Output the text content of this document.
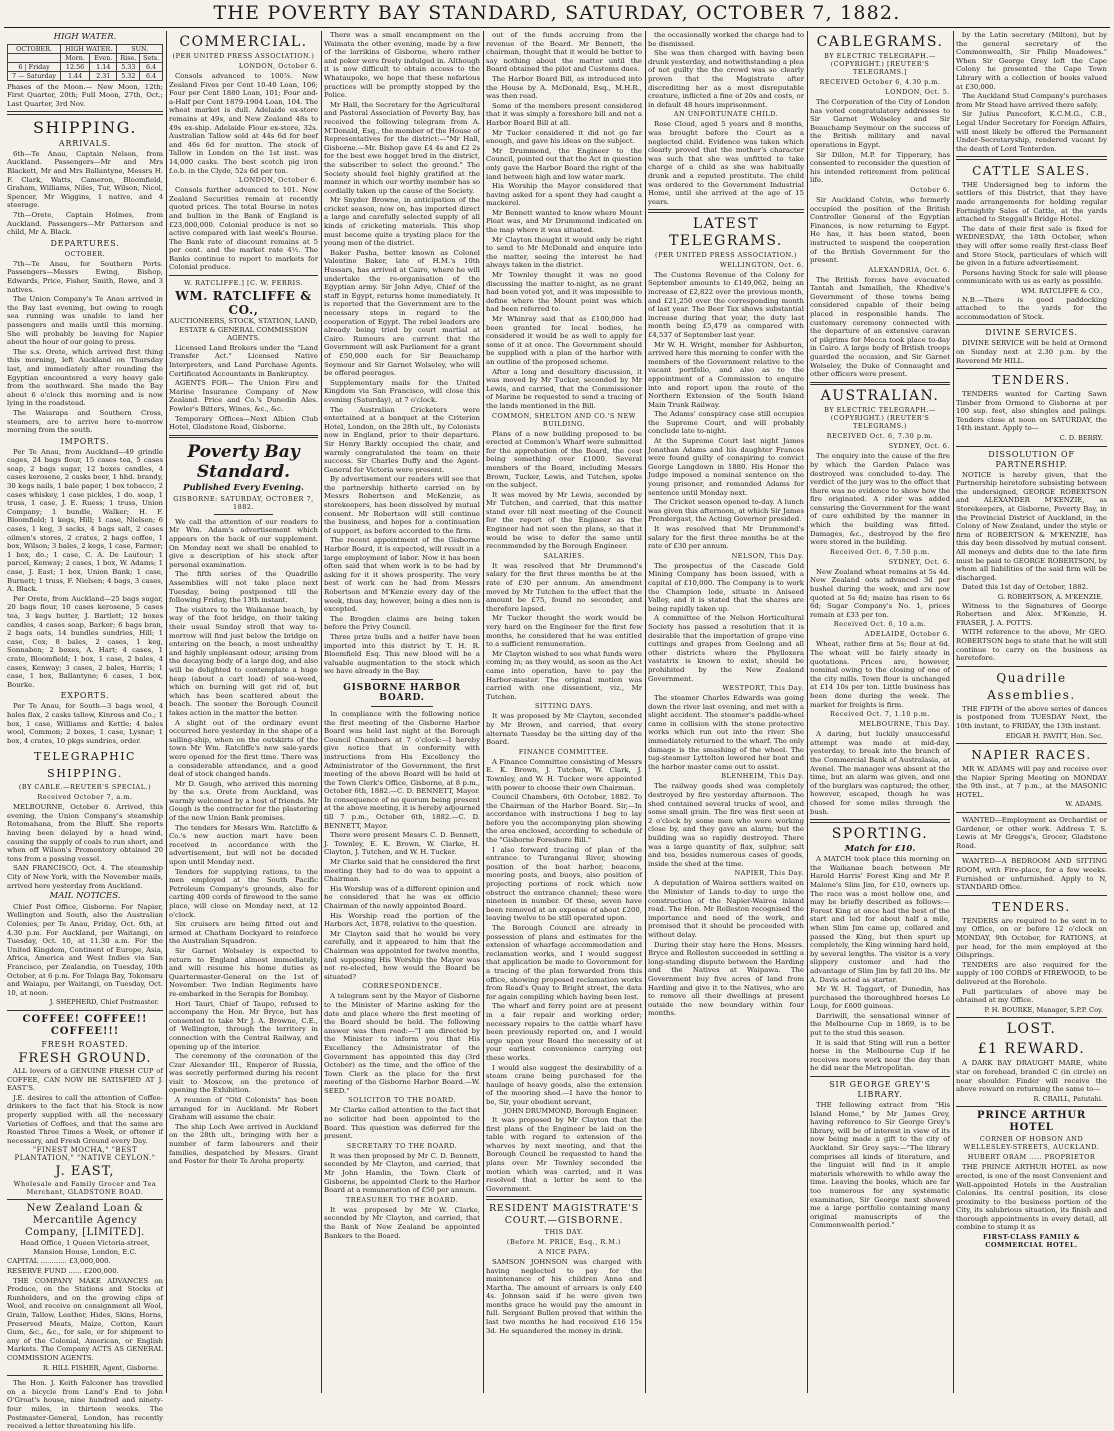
THE POVERTY BAY STANDARD, SATURDAY, OCTOBER 7, 1882.
HIGH WATER.
OCTOBER.	HIGH WATER.		SUN.	
	Morn.	Even.	Rise.	Sets.
6 | Friday	12.56	1.14	5.33	6.4
7 — Saturday	1.44	2.31	5.32	6.4

Phases of the Moon.— New Moon, 12th; First Quarter, 20th; Full Moon, 27th, Oct.; Last Quarter, 3rd Nov.

SHIPPING.
ARRIVALS.

6th—Te Anau, Captain Nelson, from Auckland. Passengers—Mr and Mrs Blackett, Mr and Mrs Ballantyne, Messrs H. F. Clark, Watts, Cameron, Bloomfield, Graham, Williams, Niles, Tur, Wilson, Nicol, Spencer, Mr Wiggins, 1 native, and 4 steerage.

7th—Orete, Captain Holmes, from Auckland. Passengers—Mr Patterson and child, Mr A. Black.

DEPARTURES.
OCTOBER.

7th—Te Anau, for Southern Ports. Passengers—Messrs Ewing, Bishop, Edwards, Price, Fisher, Smith, Rowe, and 3 natives.

The Union Company's Te Anau arrived in the Bay last evening, but owing to rough sea running was unable to land her passengers and mails until this morning. She will probably be leaving for Napier about the hour of our going to press.

The s.s. Orete, which arrived first thing this morning, left Auckland on Thursday last, and immediately after rounding the Egyptian encountered a very heavy gale from the southward. She made the Bay about 6 o'clock this morning and is now lying in the roadstead.

The Waiarapa and Southern Cross, steamers, are to arrive here to-morrow morning from the south.

IMPORTS.

Per Te Anau, from Auckland—49 grindle cages, 24 bags flour, 15 cases tea, 5 cases soap, 2 bags sugar, 12 boxes candles, 4 cases kerosene, 2 casks beer, 1 hhd. brandy, 30 kegs nails, 1 bale paper, 1 box tobacco, 2 cases whiskey, 1 case pickles, 1 do. soap, 1 truss, 1 case, J. E. Ruess; 1 truss, Union Company; 1 bundle, Walker; H. F. Bloomfield; 1 kegs, Hill; 1 case, Nielsen; 6 cases, 1 keg, 3 sacks, 4 bags salt, 2 cases oilmen's stores, 2 crates, 2 bags coffee, 1 box, Wilson; 3 bales, 2 kegs, 1 case, Farmer; 1 box, do.; 1 case, C. A. De Lautour; 1 parcel, Kenway; 2 cases, 1 box, W. Adams; 1 case, J. East; 1 box, Union Bank; 1 case, Burnett; 1 truss, F. Nielsen; 4 bags, 3 cases, A. Black.

Per Orete, from Auckland—25 bags sugar, 20 bags flour, 10 cases kerosene, 5 cases tea, 3 kegs butter, J. Bartlett; 12 boxes candles, 4 cases soap, Barker; 6 bags bran, 2 bags oats, 14 bundles sundries, Hill; 1 case, Cox; 8 bales, 2 cases, 1 keg, Sonnaben; 2 boxes, A. Hart; 4 cases, 1 crate, Bloomfield; 1 box, 1 case, 2 bales, 4 cases, Kenway; 3 cases, 2 bales, Harris; 1 case, 1 box, Ballantyne; 6 cases, 1 box, Bourke.

EXPORTS.

Per Te Anau, for South—3 bags wool, 4 bales flax, 2 casks tallow, Kinross and Co.; 1 box, 1 case, Williams and Kettle; 4 bales wool, Common; 2 boxes, 1 case, Lysnar; 1 box, 4 crates, 10 pkgs sundries, order.

TELEGRAPHIC SHIPPING.
(BY CABLE.—REUTER'S SPECIAL.)
Received October 7, a.m.

MELBOURNE, October 6. Arrived, this evening, the Union Company's steamship Rotomahana, from the Bluff. She reports having been delayed by a head wind, causing the supply of coals to run short, and when off Wilson's Promontory obtained 20 tons from a passing vessel.

SAN FRANCISCO, Oct. 4. The steamship City of New York, with the November mails, arrived here yesterday from Auckland.

MAIL NOTICES.

Chief Post Office, Gisborne. For Napier, Wellington and South, also the Australian Colonies, per Te Anau, Friday, Oct. 6th, at 4.30 p.m. For Auckland, per Waitangi, on Tuesday, Oct. 10, at 11.30 a.m. For the United Kingdom, Continent of Europe, Asia, Africa, America and West Indies via San Francisco, per Zealandia, on Tuesday, 10th October, at 6 p.m. For Tolaga Bay, Tokomaru and Waiapu, per Waitangi, on Tuesday, Oct. 10, at noon.

J. SHEPHERD, Chief Postmaster.
COFFEE! COFFEE!! COFFEE!!!
FRESH ROASTED.
FRESH GROUND.

ALL lovers of a GENUINE FRESH CUP of COFFEE, CAN NOW BE SATISFIED AT J. EAST'S.

J.E. desires to call the attention of Coffee-drinkers to the fact that his Stock is now properly supplied with all the necessary Varieties of Coffees, and that the same are Roasted Three Times a Week, or oftener if necessary, and Fresh Ground every Day.

"FINEST MOCHA," "BEST PLANTATION," "NATIVE CEYLON."
J. EAST,
Wholesale and Family Grocer and Tea Merchant, GLADSTONE ROAD.
New Zealand Loan & Mercantile Agency Company, [LIMITED].

Head Office, 1 Queen Victoria-street, Mansion House, London, E.C.

CAPITAL ............ £3,000,000.

RESERVE FUND ...... £200,000.

THE COMPANY MAKE ADVANCES on Produce, on the Stations and Stocks of Runholders, and on the growing clips of Wool, and receive on consignment all Wool, Grain, Tallow, Leather, Hides, Skins, Horns, Preserved Meats, Maize, Cotton, Kauri Gum, &c., &c., for sale, or for shipment to any of the Colonial, American, or English Markets. The Company ACTS AS GENERAL COMMISSION AGENTS.

R. HILL FISHER, Agent, Gisborne.

The Hon. J. Keith Falconer has travelled on a bicycle from Land's End to John O'Groat's house, nine hundred and ninety-four miles, in thirteen weeks. The Postmaster-General, London, has recently received a letter threatening his life.

COMMERCIAL.
(PER UNITED PRESS ASSOCIATION.)
LONDON, October 6.

Consols advanced to 100⅞. New Zealand Fives per Cent 10-40 Loan, 106; Four per Cent 1880 Loan, 101; Four and-a-Half per Cent 1879-1904 Loan, 104. The wheat market is dull. Adelaide ex-store remains at 49s, and New Zealand 48s to 49s ex-ship. Adelaide Flour ex-store, 32s. Australian Tallow sold at 44s 6d for beef and 46s 6d for mutton. The stock of Tallow in London on the 1st inst. was 14,000 casks. The best scotch pig iron f.o.b. in the Clyde, 52s 6d per ton.

LONDON, October 6.

Consols further advanced to 101. New Zealand Securities remain at recently quoted prices. The total Bourse in notes and bullion in the Bank of England is £23,000,000. Colonial produce is not so active compared with last week's Bourse. The Bank rate of discount remains at 5 per cent. and the market rate 4½. The Banks continue to report to markets for Colonial produce.

W. RATCLIFFE.] [C. W. FERRIS.
WM. RATCLIFFE & CO.,

AUCTIONEERS, STOCK, STATION, LAND, ESTATE & GENERAL COMMISSION AGENTS.

Licensed Land Brokers under the "Land Transfer Act." Licensed Native Interpreters, and Land Purchase Agents. Certificated Accountants in Bankruptcy.

AGENTS FOR— The Union Fire and Marine Insurance Company of New Zealand. Price and Co.'s Dunedin Ales. Fowler's Bitters, Wines, &c., &c.

Temporary Offices—Next Albion Club Hotel, Gladstone Road, Gisborne.

Poverty Bay Standard.
Published Every Evening.
GISBORNE: SATURDAY, OCTOBER 7, 1882.

We call the attention of our readers to Mr Wm. Adam's advertisement which appears on the back of our supplement. On Monday next we shall be enabled to give a description of his stock after personal examination.

The fifth series of the Quadrille Assemblies will not take place next Tuesday, being postponed till the following Friday, the 13th instant.

The visitors to the Waikanae beach, by way of the foot bridge, on their taking their usual Sunday stroll that way to-morrow will find just below the bridge on entering on the beach, a most unhealthy and highly unpleasant odour, arising from the decaying body of a large dog, and also will be delighted to contemplate a huge heap (about a cart load) of sea-weed, which on burning will get rid of, but which has been scattered about the beach. The sooner the Borough Council takes action in the matter the better.

A slight out of the ordinary event occurred here yesterday in the shape of a sailing-ship, when on the outskirts of the town Mr Wm. Ratcliffe's new sale-yards were opened for the first time. There was a considerable attendance, and a good deal of stock changed hands.

Mr D. Gough, who arrived this morning by the s.s. Orete from Auckland, was warmly welcomed by a host of friends. Mr Gough is the contractor for the plastering of the new Union Bank premises.

The tenders for Messrs Wm. Ratcliffe & Co.'s new auction mart have been received in accordance with the advertisement, but will not be decided upon until Monday next.

Tenders for supplying rations, to the men employed at the South Pacific Petroleum Company's grounds, also for carting 400 cords of firewood to the same place, will close on Monday next, at 12 o'clock.

Six cruisers are being fitted out and armed at Chatham Dockyard to reinforce the Australian Squadron.

Sir Garnet Wolseley is expected to return to England almost immediately, and will resume his home duties as Quartermaster-General on the 1st of November. Two Indian Regiments have re-embarked in the Serapis for Bombay.

Hori Tauri, Chief of Taupo, refused to accompany the Hon. Mr Bryce, but has consented to take Mr J. A. Browne, C.E., of Wellington, through the territory in connection with the Central Railway, and opening up of the interior.

The ceremony of the coronation of the Czar Alexander III., Emperor of Russia, was secretly performed during his recent visit to Moscow, on the pretence of opening the Exhibition.

A reunion of "Old Colonists" has been arranged for in Auckland. Mr Robert Graham will assume the chair.

The ship Loch Awe arrived in Auckland on the 28th ult., bringing with her a number of farm labourers and their families, despatched by Messrs. Grant and Foster for their Te Aroha property.

There was a small encampment on the Waimata the other evening, made by a few of the larrikins of Gisborne, where rather and poker were freely indulged in. Although it is now difficult to obtain access to the Whataupoko, we hope that these nefarious practices will be promptly stopped by the Police.

Mr Hall, the Secretary for the Agricultural and Pastoral Association of Poverty Bay, has received the following telegram from A. M'Donald, Esq., the member of the House of Representatives for the district:—"Mr Hall, Gisborne.—Mr. Bishop gave £4 4s and £2 2s for the best ewe hogget bred in the district, the subscriber to select the ground." The Society should feel highly gratified at the manner in which our worthy member has so cordially taken up the cause of the Society.

Mr Snyder Browne, in anticipation of the cricket season, now on, has imported direct a large and carefully selected supply of all kinds of cricketing materials. This shop must become quite a trysting place for the young men of the district.

Baker Pasha, better known as Colonel Valentine Baker, late of H.M.'s 10th Hussars, has arrived at Cairo, where he will undertake the re-organisation of the Egyptian army. Sir John Adye, Chief of the staff in Egypt, returns home immediately. It is reported that the Government are to the necessary steps in regard to the cooperation of Egypt. The rebel leaders are already being tried by court martial at Cairo. Rumours are current that the Government will ask Parliament for a grant of £50,000 each for Sir Beauchamp Seymour and Sir Garnet Wolseley, who will be offered peerages.

Supplementary mails for the United Kingdom via San Francisco, will close this evening (Saturday), at 7 o'clock.

The Australian Cricketers were entertained at a banquet at the Criterion Hotel, London, on the 28th ult., by Colonists now in England, prior to their departure. Sir Henry Barkly occupied the chair, and warmly congratulated the team on their success. Sir Charles Duffy and the Agent-General for Victoria were present.

By advertisement our readers will see that the partnership hitherto carried on by Messrs Robertson and McKenzie, as storekeepers, has been dissolved by mutual consent. Mr Robertson will still continue the business, and hopes for a continuation of support, as before accorded to the firm.

The recent appointment of the Gisborne Harbor Board, it is expected, will result in a large employment of labor. Now it has been often said that when work is to be had by asking for it it shows prosperity. The very best of work can be had from Messrs Robertson and M'Kenzie every day of the week, thus day, however, being a dies non is excepted.

The Brogden claims are being taken before the Privy Council.

Three prize bulls and a heifer have been imported into this district by T. H. R. Bloomfield Esq. This new blood will be a valuable augmentation to the stock which we have already in the Bay.

GISBORNE HARBOR BOARD.

In compliance with the following notice the first meeting of the Gisborne Harbor Board was held last night at the Borough Council Chambers at 7 o'clock:—I hereby give notice that in conformity with instructions from His Excellency the Administrator of the Government, the first meeting of the above Board will be held at the Town Clerk's Office, Gisborne, at 8 p.m., October 6th, 1882.—C. D. BENNETT, Mayor. In consequence of no quorum being present at the above meeting, it is hereby adjourned till 7 p.m., October 6th, 1882.—C. D. BENNETT, Mayor.

There were present Messrs C. D. Bennett, J. Townley, E. K. Brown, W. Clarke, H. Clayton, J. Tutchen, and W. H. Tucker.

Mr Clarke said that he considered the first meeting they had to do was to appoint a Chairman.

His Worship was of a different opinion and he considered that he was ex officio Chairman of the newly appointed Board.

His Worship read the portion of the Harbors Act, 1878, relative to the question.

Mr Clayton said that he would be very carefully, and it appeared to him that the Chairman was appointed for twelve months, and supposing His Worship the Mayor was not re-elected, how would the Board be situated?

CORRESPONDENCE.

A telegram sent by the Mayor of Gisborne to the Minister of Marine asking for the date and place where the first meeting of the Board should be held. The following answer was then read:—"I am directed by the Minister to inform you that His Excellency the Administrator of the Government has appointed this day (3rd October) as the time, and the office of the Town Clerk as the place for the first meeting of the Gisborne Harbor Board.—W. SEED."

SOLICITOR TO THE BOARD.

Mr Clarke called attention to the fact that no solicitor had been appointed to the Board. This question was deferred for the present.

SECRETARY TO THE BOARD.

It was then proposed by Mr C. D. Bennett, seconded by Mr Clayton, and carried, that Mr John Hamlin, the Town Clerk of Gisborne, be appointed Clerk to the Harbor Board at a remuneration of £50 per annum.

TREASURER TO THE BOARD.

It was proposed by Mr W. Clarke, seconded by Mr Clayton, and carried, that the Bank of New Zealand be appointed Bankers to the Board.

out of the funds accruing from the revenue of the Board. Mr Bennett, the chairman, thought that it would be better to say nothing about the matter until the Board obtained the pilot and Customs dues.

The Harbor Board Bill, as introduced into the House by A. McDonald, Esq., M.H.R., was then read.

Some of the members present considered that it was simply a foreshore bill and not a Harbor Board Bill at all.

Mr Tucker considered it did not go far enough, and gave his ideas on the subject.

Mr Drummond, the Engineer to the Council, pointed out that the Act in question only gave the Harbor Board the right of the land between high and low water mark.

His Worship the Mayor considered that having asked for a spent they had caught a mackerel.

Mr Bennett wanted to know where Mount Pleat was, and Mr Drummond indicated on the map where it was situated.

Mr Clayton thought it would only be right to send to Mr McDonald and enquire into the matter, seeing the interest he had always taken in the district.

Mr Townley thought it was no good discussing the matter to-night, as no grant had been voted yet, and it was impossible to define where the Mount point was which had been referred to.

Mr Whinray said that as £100,000 had been granted for local bodies, he considered it would be as well to apply for some of it at once. The Government should be supplied with a plan of the harbor with an outline of the proposed scheme.

After a long and desultory discussion, it was moved by Mr Tucker, seconded by Mr Lewis, and carried, that the Commissioner of Marine be requested to send a tracing of the lands mentioned in the Bill.

COMMON, SHELTON AND CO.'S NEW BUILDING.

Plans of a new building proposed to be erected at Common's Wharf were submitted for the approbation of the Board, the cost being something over £1000. Several members of the Board, including Messrs Brown, Tucker, Lewis, and Tutchen, spoke on the subject.

It was moved by Mr Lewis, seconded by Mr Tutchen, and carried, that this matter stand over till next meeting of the Council for the report of the Engineer as the Engineer had not seen the plans, so that it would be wise to defer the same until recommended by the Borough Engineer.

SALARIES.

It was resolved that Mr Drummond's salary for the first three months be at the rate of £30 per annum. An amendment moved by Mr Tutchen to the effect that the amount be £75, found no seconder, and therefore lapsed.

Mr Tucker thought the work would be very hard on the Engineer for the first few months, he considered that he was entitled to a sufficient remuneration.

Mr Clayton wished to see what funds were coming in; as they would, as soon as the Act came into operation, have to pay the Harbor-master. The original motion was carried with one dissentient, viz., Mr Tutchen.

SITTING DAYS.

It was proposed by Mr Clayton, seconded by Mr Brown, and carried, that every alternate Tuesday be the sitting day of the Board.

FINANCE COMMITTEE.

A Finance Committee consisting of Messrs E. K. Brown, J. Tutchen, W. Clark, J. Townley, and W. H. Tucker were appointed with power to choose their own Chairman.

Council Chambers, 6th October, 1882. To the Chairman of the Harbor Board. Sir,—In accordance with instructions I beg to lay before you the accompanying plan showing the area enclosed, according to schedule of the "Gisborne Foreshore Bill."

I also forward tracing of plan of the entrance to Turanganui River, showing position of the boat harbor, beacons, mooring posts, and buoys, also position of projecting portions of rock which now obstruct the entrance channel; these were nineteen in number. Of these, seven have been removed at an expense of about £200, leaving twelve to be still operated upon.

The Borough Council are already in possession of plans and estimates for the extension of wharfage accommodation and reclamation works, and I would suggest that application be made to Government for a tracing of the plan forwarded from this office, showing proposed reclamation works from Read's Quay to Bright street, the data for again compiling which having been lost.

The wharf and ferry point are at present in a fair repair and working order; necessary repairs to the cattle wharf have been previously reported on, and I would urge upon your Board the necessity of at your earliest convenience carrying out these works.

I would also suggest the desirability of a steam crane being purchased for the haulage of heavy goods, also the extension of the mooring shed.—I have the honor to be, Sir, your obedient servant,

JOHN DRUMMOND, Borough Engineer.

It was proposed by Mr Clayton that the first plans of the Engineer be laid on the table with regard to extension of the wharves by next meeting, and that the Borough Council be requested to hand the plans over. Mr Townley seconded the motion which was carried, and it was resolved that a letter be sent to the Government.

RESIDENT MAGISTRATE'S COURT.—GISBORNE.
THIS DAY.
(Before M. PRICE, Esq., R.M.)
A NICE PAPA.

SAMSON JOHNSON was charged with having neglected to pay for the maintenance of his children Anna and Martha. The amount of arrears is only £40 4s. Johnson said if he were given two months grace he would pay the amount in full. Sergeant Bullen proved that within the last two months he had received £16 15s 3d. He squandered the money in drink.

the occasionally worked the charge had to be dismissed.

She was then charged with having been drunk yesterday, and notwithstanding a plea of not guilty the the crowd was so clearly proven that the Magistrate after discrediting her as a most disreputable creature, inflicted a fine of 20s and costs, or in default 48 hours imprisonment.

AN UNFORTUNATE CHILD.

Rose Cloud, aged 5 years and 8 months, was brought before the Court as a neglected child. Evidence was taken which clearly proved that the mother's character was such that she was unfitted to take charge of a child as she was habitually drunk and a reputed prostitute. The child was ordered to the Government Industrial Home, until she arrived at the age of 15 years.

LATEST TELEGRAMS.
(PER UNITED PRESS ASSOCIATION.)
WELLINGTON, Oct. 6.

The Customs Revenue of the Colony for September amounts to £149,062, being an increase of £2,822 over the previous month, and £21,250 over the corresponding month of last year. The Beer Tax shows substantial increase during that year, the duty last month being £5,479 as compared with £4,537 of September last year.

Mr W. H. Wright, member for Ashburton, arrived here this morning to confer with the members of the Government relative to the vacant portfolio, and also as to the appointment of a Commission to enquire into and report upon the route of the Northern Extension of the South Island Main Trunk Railway.

The Adams' conspiracy case still occupies the Supreme Court, and will probably conclude late to-night.

At the Supreme Court last night James Jonathan Adams and his daughter Frances were found guilty of conspiring to convict George Langdown in 1880. His Honor the Judge imposed a nominal sentence on the young prisoner, and remanded Adams for sentence until Monday next.

The Cricket season opened to-day. A lunch was given this afternoon, at which Sir James Prendergast, the Acting Governor presided.

It was resolved that Mr Drummond's salary for the first three months be at the rate of £30 per annum.

NELSON, This Day.

The prospectus of the Cascade Gold Mining Company has been issued, with a capital of £10,000. The Company is to work the Champion lode, situate in Aniseed Valley, and it is stated that the shares are being rapidly taken up.

A committee of the Nelson Horticultural Society has passed a resolution that it is desirable that the importation of grape vine cuttings and grapes from Geelong and all other districts where the Phylloxera vastatrix is known to exist, should be prohibited by the New Zealand Government.

WESTPORT, This Day.

The steamer Charles Edwards was going down the river last evening, and met with a slight accident. The steamer's paddle-wheel came in collision with the stone protective works which run out into the river. She immediately returned to the wharf. The only damage is the smashing of the wheel. The tug-steamer Lyttelton lowered her boat and the harbor master came out to assist.

BLENHEIM, This Day.

The railway goods shed was completely destroyed by fire yesterday afternoon. The shed contained several trucks of wool, and some small grain. The fire was first seen at 2 o'clock by some men who were working close by, and they gave an alarm; but the building was so rapidly destroyed. There was a large quantity of flax, sulphur, salt and tea, besides numerous cases of goods, inside the shed at the time.

NAPIER, This Day.

A deputation of Wairoa settlers waited on the Minister of Lands to-day to urge the construction of the Napier-Wairoa inland road. The Hon. Mr Rolleston recognised the importance and need of the work, and promised that it should be proceeded with without delay.

During their stay here the Hons. Messrs. Bryce and Rolleston succeeded in settling a long-standing dispute between the Harding and the Natives at Waipawa. The Government buy five acres of land from Harding and give it to the Natives, who are to remove all their dwellings at present outside the new boundary within four months.

CABLEGRAMS.
BY ELECTRIC TELEGRAPH.—(COPYRIGHT.) [REUTER'S TELEGRAMS.]
RECEIVED October 6, 4.30 p.m.
LONDON, Oct. 5.

The Corporation of the City of London has voted congratulatory addresses to Sir Garnet Wolseley and Sir Beauchamp Seymour on the success of the British military and naval operations in Egypt.

Sir Dillon, M.P. for Tipperary, has consented to reconsider the question of his intended retirement from political life.

October 6.

Sir Auckland Colvin, who formerly occupied the position of the British Controller General of the Egyptian Finances, is now returning to Egypt. He has, it has been stated, been instructed to suspend the cooperation of the British Government for the present.

ALEXANDRIA, Oct. 6.

The British forces have evacuated Tantah and Ismailieh, the Khedive's Government of those towns being considered capable of their being placed in responsible hands. The customary ceremony connected with the departure of an extensive caravan of pilgrims for Mecca took place to-day in Cairo. A large body of British troops guarded the occasion, and Sir Garnet Wolseley, the Duke of Connaught and other officers were present.

AUSTRALIAN.
BY ELECTRIC TELEGRAPH.—(COPYRIGHT.) (REUTER'S TELEGRAMS.)
RECEIVED Oct. 6, 7.30 p.m.
SYDNEY, Oct. 6.

The enquiry into the cause of the fire by which the Garden Palace was destroyed was concluded to-day. The verdict of the jury was to the effect that there was no evidence to show how the fire originated. A rider was added censuring the Government for the want of care exhibited by the manner in which the building was fitted. Damages, &c., destroyed by the fire were stored in the building.

Received Oct. 6, 7.50 p.m.
SYDNEY, Oct. 6.

New Zealand wheat remains at 5s 4d. New Zealand oats advanced 3d per bushel during the week, and are now quoted at 5s 6d; maize has risen to 6s 6d; Sugar Company's No. 1, prices remain at £33 per ton.

Received Oct. 6, 10 a.m.
ADELAIDE, October 6.

Wheat, rather firm at 5s; flour at 6d. The wheat will be fairly steady in quotations. Prices are, however, nominal owing to the closing of one of the city mills. Town flour is unchanged at £14 10s per ton. Little business has been done during the week. The market for freights is firm.

Received Oct. 7, 1.10 p.m.
MELBOURNE, This Day.

A daring, but luckily unsuccessful attempt was made at mid-day, yesterday, to break into the branch of the Commercial Bank of Australasia, at Avenel. The manager was absent at the time, but an alarm was given, and one of the burglars was captured; the other, however, escaped, though he was chased for some miles through the bush.

SPORTING.
Match for £10.

A MATCH took place this morning on the Waikanae beach between Mr Harold Harris' Forest King and Mr P. Malone's Slim Jim, for £10, owners up. The race was a most hollow one, and may be briefly described as follows:—Forest King at once had the best of the start and led for about half a mile, when Slim Jim came up, collared and passed the King, but then spurt up completely, the King winning hard held, by several lengths. The visitor is a very slippery customer and had the advantage of Slim Jim by fall 20 lbs. Mr A. Davis acted as starter.

Mr W. H. Taggart, of Dunedin, has purchased the thoroughbred horses Le Loup, for £600 guineas.

Darriwill, the sensational winner of the Melbourne Cup in 1869, is to be put to the stud this season.

It is said that Sting will run a better horse in the Melbourne Cup if he receives more work near the day than he did near the Metropolitan.

SIR GEORGE GREY'S LIBRARY.

THE following extract from "His Island Home," by Mr James Grey, having reference to Sir George Grey's library, will be of interest in view of its now being made a gift to the city of Auckland. Sir Grey says:—"The library comprises all kinds of literature, and the linguist will find in it ample materials wherewith to while away the time. Leaving the books, which are far too numerous for any systematic examination, Sir George next showed me a large portfolio containing many original manuscripts of the Commonwealth period."

by the Latin secretary (Milton), but by the general secretary of the Commonwealth, Sir Philip Meadowes." When Sir George Grey left the Cape Colony he presented the Cape Town Library with a collection of books valued at £30,000.

The Auckland Stud Company's purchases from Mr Stead have arrived there safely.

Sir Julius Pancefort, K.C.M.G., C.B., Legal Under Secretary for Foreign Affairs, will most likely be offered the Permanent Under-Secretaryship, rendered vacant by the death of Lord Tenterden.

CATTLE SALES.

THE Undersigned beg to inform the settlers of this District, that they have made arrangements for holding regular Fortnightly Sales of Cattle, at the yards attached to Steggall's Bridge Hotel.

The date of their first sale is fixed for WEDNESDAY, the 18th October, when they will offer some really first-class Beef and Store Stock, particulars of which will be given in a future advertisement.

Persons having Stock for sale will please communicate with us as early as possible.

WM. RATCLIFFE & CO.,

N.B.—There is good paddocking attached to the yards for the accommodation of Stock.

DIVINE SERVICES.

DIVINE SERVICE will be held at Ormond on Sunday next at 2.30 p.m. by the Reverend Mr HILL.

TENDERS.

TENDERS wanted for Carting Sawn Timber from Ormond to Gisborne at per 100 sup. feet, also shingles and palings. Tenders close at noon on SATURDAY, the 14th instant. Apply to—

C. D. BERRY.
DISSOLUTION OF PARTNERSHIP.

NOTICE is hereby given, that the Partnership heretofore subsisting between the undersigned, GEORGE ROBERTSON and ALEXANDER M'KENZIE, as Storekeepers, at Gisborne, Poverty Bay, in the Provincial District of Auckland, in the Colony of New Zealand, under the style or firm of ROBERTSON & M'KENZIE, has this day been dissolved by mutual consent. All moneys and debts due to the late firm must be paid to GEORGE ROBERTSON, by whom all liabilities of the said firm will be discharged.

Dated this 1st day of October, 1882.

G. ROBERTSON, A. M'KENZIE.

Witness to the Signatures of George Robertson and Alex. M'Kenzie, H. FRASER, J. A. POTTS.

WITH reference to the above, Mr GEO. ROBERTSON begs to state that he will still continue to carry on the business as heretofore.

Quadrille Assemblies.

THE FIFTH of the above series of dances is postponed from TUESDAY Next, the 10th instant, to FRIDAY, the 13th instant.

EDGAR H. PAVITT, Hon. Sec.
NAPIER RACES.

MR W. ADAMS will pay and receive over the Napier Spring Meeting on MONDAY the 9th inst., at 7 p.m., at the MASONIC HOTEL.

W. ADAMS.

WANTED—Employment as Orchardist or Gardener, or other work. Address T. S. Lewis at Mr Greggs's, Grocer, Gladstone Road.

WANTED—A BEDROOM AND SITTING ROOM, with Fire-place, for a few weeks. Furnished or unfurnished. Apply to N, STANDARD Office.

TENDERS.

TENDERS are required to be sent in to my Office, on or before 12 o'clock on MONDAY, 9th October, for RATIONS, at per head, for the men employed at the Oilsprings.

TENDERS are also required for the supply of 100 CORDS of FIREWOOD, to be delivered at the Borehole.

Full particulars of above may be obtained at my Office.

P. H. BOURKE, Manager, S.P.P. Coy.
LOST.
£1 REWARD.

A DARK BAY DRAUGHT MARE, white star on forehead, branded C (in circle) on near shoulder. Finder will receive the above reward on returning the same to—

R. CRAILL, Patutahi.
PRINCE ARTHUR HOTEL
CORNER OF HOBSON AND WELLESLEY-STREETS, AUCKLAND.
HUBERT ORAM ..... PROPRIETOR

THE PRINCE ARTHUR HOTEL as now erected, is one of the most Convenient and Well-appointed Hotels in the Australian Colonies. Its central position, its close proximity to the business portion of the City, its salubrious situation, its finish and thorough appointments in every detail, all combine to stamp it as

FIRST-CLASS FAMILY & COMMERCIAL HOTEL.
